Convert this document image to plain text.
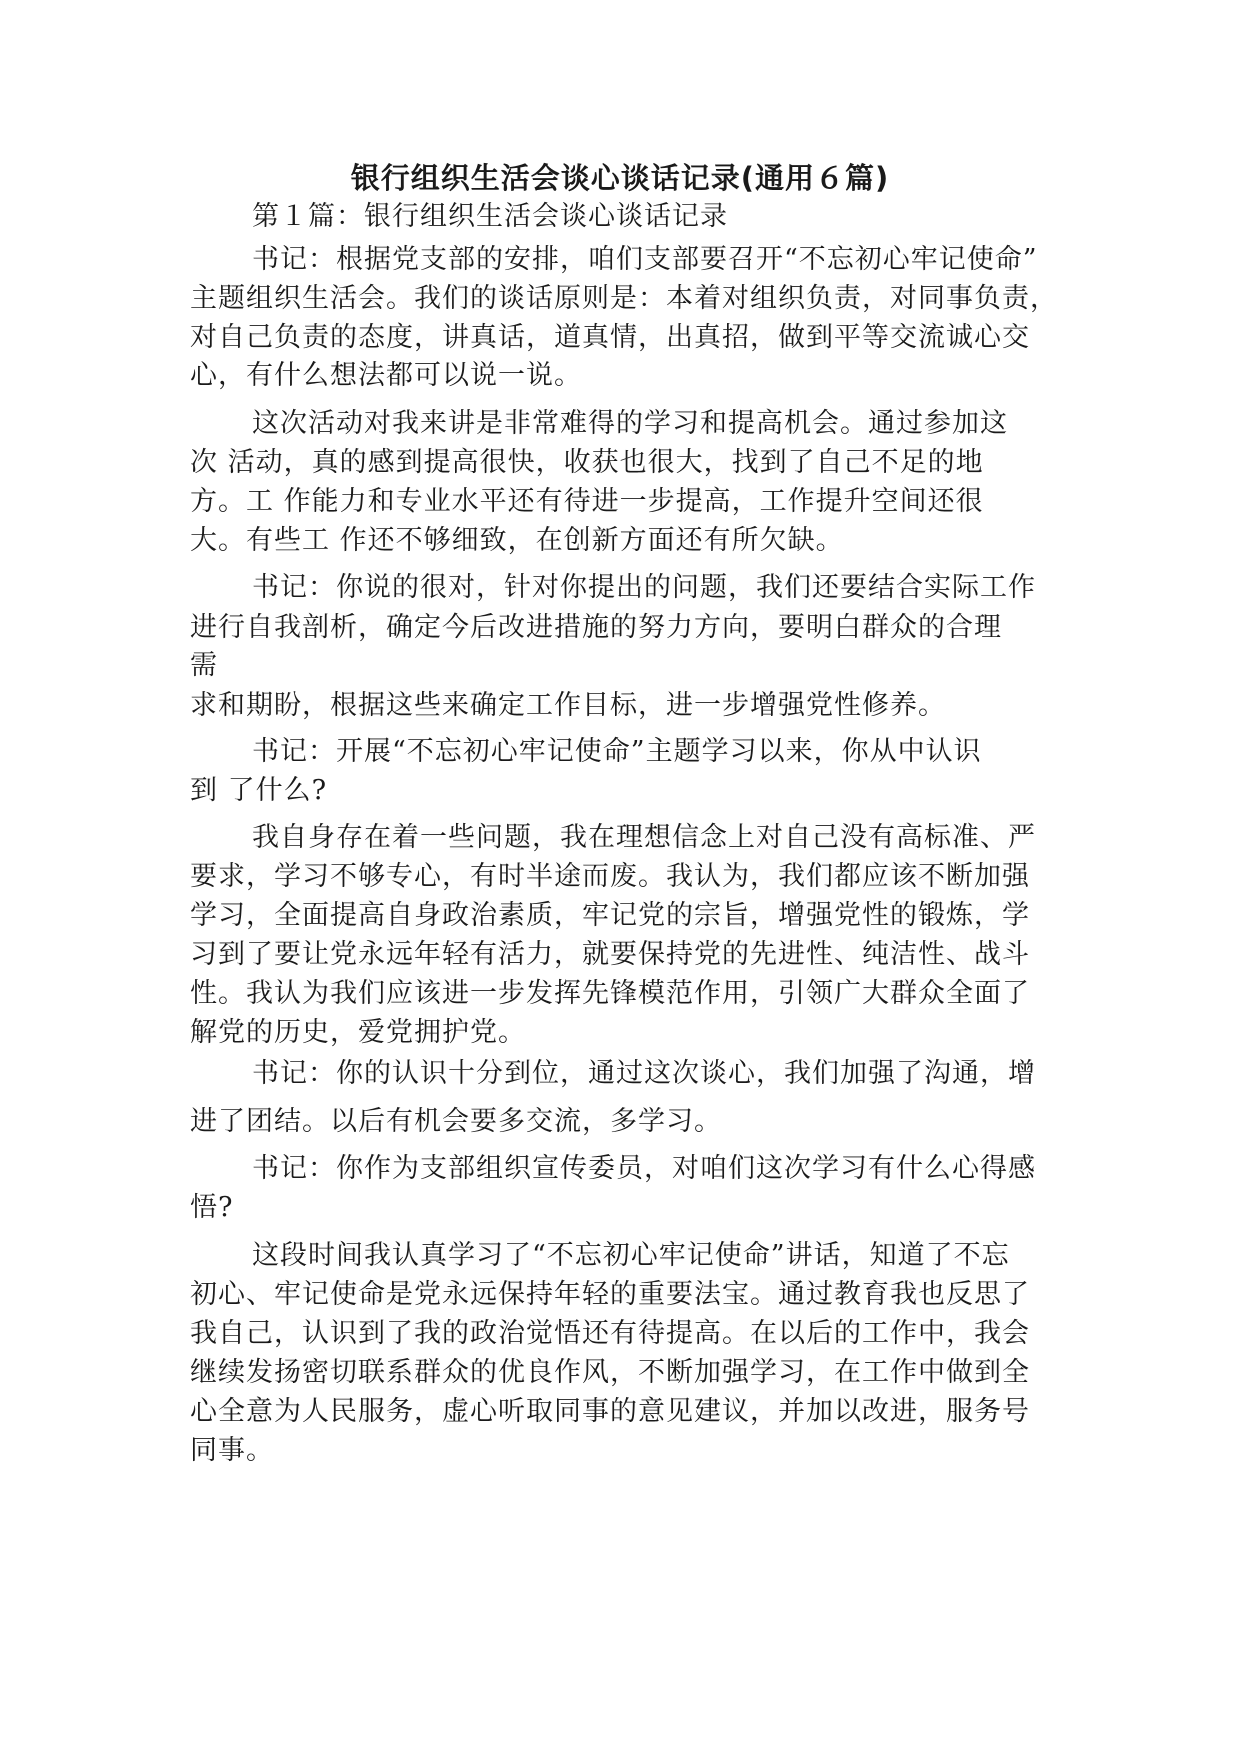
银行组织生活会谈心谈话记录(通用６篇)
第１篇：银行组织生活会谈心谈话记录
书记：根据党支部的安排，咱们支部要召开“不忘初心牢记使命”
主题组织生活会。我们的谈话原则是：本着对组织负责，对同事负责，
对自己负责的态度，讲真话，道真情，出真招，做到平等交流诚心交
心，有什么想法都可以说一说。
这次活动对我来讲是非常难得的学习和提高机会。通过参加这
次 活动，真的感到提高很快，收获也很大，找到了自己不足的地
方。工 作能力和专业水平还有待进一步提高，工作提升空间还很
大。有些工 作还不够细致，在创新方面还有所欠缺。
书记：你说的很对，针对你提出的问题，我们还要结合实际工作
进行自我剖析，确定今后改进措施的努力方向，要明白群众的合理
需
求和期盼，根据这些来确定工作目标，进一步增强党性修养。
书记：开展“不忘初心牢记使命”主题学习以来，你从中认识
到 了什么?
我自身存在着一些问题，我在理想信念上对自己没有高标准、严
要求，学习不够专心，有时半途而废。我认为，我们都应该不断加强
学习，全面提高自身政治素质，牢记党的宗旨，增强党性的锻炼，学
习到了要让党永远年轻有活力，就要保持党的先进性、纯洁性、战斗
性。我认为我们应该进一步发挥先锋模范作用，引领广大群众全面了
解党的历史，爱党拥护党。
书记：你的认识十分到位，通过这次谈心，我们加强了沟通，增
进了团结。以后有机会要多交流，多学习。
书记：你作为支部组织宣传委员，对咱们这次学习有什么心得感
悟?
这段时间我认真学习了“不忘初心牢记使命”讲话，知道了不忘
初心、牢记使命是党永远保持年轻的重要法宝。通过教育我也反思了
我自己，认识到了我的政治觉悟还有待提高。在以后的工作中，我会
继续发扬密切联系群众的优良作风，不断加强学习，在工作中做到全
心全意为人民服务，虚心听取同事的意见建议，并加以改进，服务号
同事。
